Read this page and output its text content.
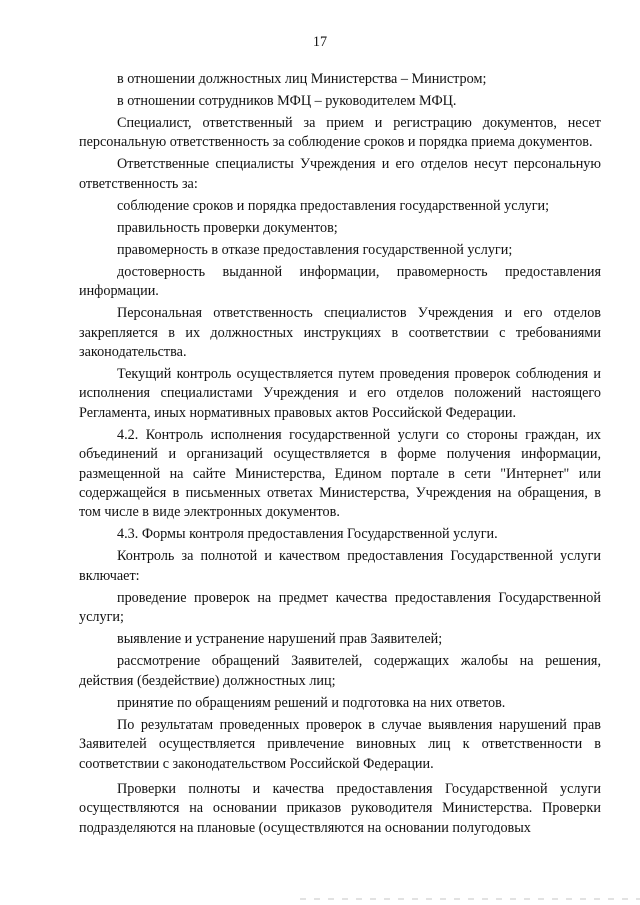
17

в отношении должностных лиц Министерства – Министром;

в отношении сотрудников МФЦ – руководителем МФЦ.

Специалист, ответственный за прием и регистрацию документов, несет персональную ответственность за соблюдение сроков и порядка приема документов.

Ответственные специалисты Учреждения и его отделов несут персональную ответственность за:

соблюдение сроков и порядка предоставления государственной услуги;

правильность проверки документов;

правомерность в отказе предоставления государственной услуги;

достоверность выданной информации, правомерность предоставления информации.

Персональная ответственность специалистов Учреждения и его отделов закрепляется в их должностных инструкциях в соответствии с требованиями законодательства.

Текущий контроль осуществляется путем проведения проверок соблюдения и исполнения специалистами Учреждения и его отделов положений настоящего Регламента, иных нормативных правовых актов Российской Федерации.

4.2. Контроль исполнения государственной услуги со стороны граждан, их объединений и организаций осуществляется в форме получения информации, размещенной на сайте Министерства, Едином портале в сети "Интернет" или содержащейся в письменных ответах Министерства, Учреждения на обращения, в том числе в виде электронных документов.

4.3. Формы контроля предоставления Государственной услуги.

Контроль за полнотой и качеством предоставления Государственной услуги включает:

проведение проверок на предмет качества предоставления Государственной услуги;

выявление и устранение нарушений прав Заявителей;

рассмотрение обращений Заявителей, содержащих жалобы на решения, действия (бездействие) должностных лиц;

принятие по обращениям решений и подготовка на них ответов.

По результатам проведенных проверок в случае выявления нарушений прав Заявителей осуществляется привлечение виновных лиц к ответственности в соответствии с законодательством Российской Федерации.

Проверки полноты и качества предоставления Государственной услуги осуществляются на основании приказов руководителя Министерства. Проверки подразделяются на плановые (осуществляются на основании полугодовых
